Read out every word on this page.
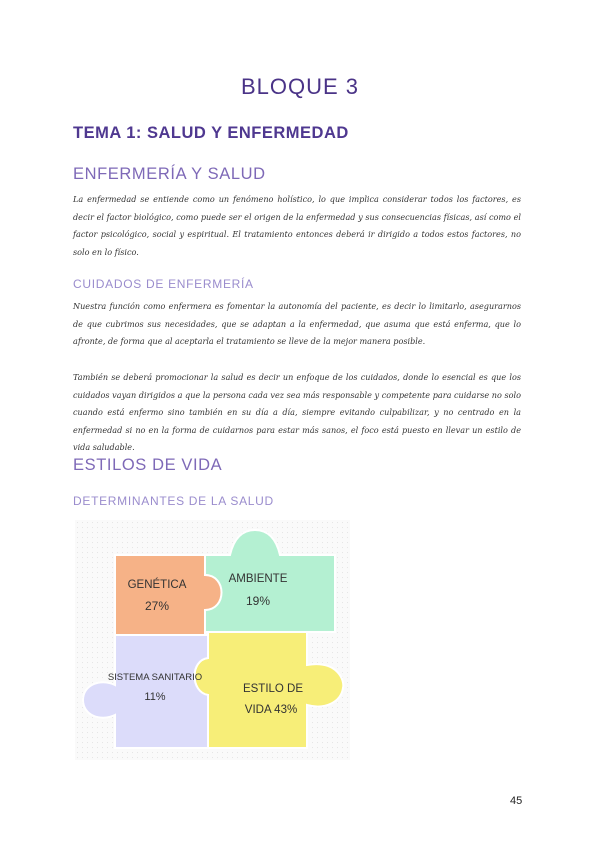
BLOQUE 3
TEMA 1: SALUD Y ENFERMEDAD
ENFERMERÍA Y SALUD
La enfermedad se entiende como un fenómeno holístico, lo que implica considerar todos los factores, es decir el factor biológico, como puede ser el origen de la enfermedad y sus consecuencias físicas, así como el factor psicológico, social y espiritual. El tratamiento entonces deberá ir dirigido a todos estos factores, no solo en lo físico.
CUIDADOS DE ENFERMERÍA
Nuestra función como enfermera es fomentar la autonomía del paciente, es decir lo limitarlo, asegurarnos de que cubrimos sus necesidades, que se adaptan a la enfermedad, que asuma que está enferma, que lo afronte, de forma que al aceptarla el tratamiento se lleve de la mejor manera posible.
También se deberá promocionar la salud es decir un enfoque de los cuidados, donde lo esencial es que los cuidados vayan dirigidos a que la persona cada vez sea más responsable y competente para cuidarse no solo cuando está enfermo sino también en su día a día, siempre evitando culpabilizar, y no centrado en la enfermedad si no en la forma de cuidarnos para estar más sanos, el foco está puesto en llevar un estilo de vida saludable.
ESTILOS DE VIDA
DETERMINANTES DE LA SALUD
GENÉTICA
27%
AMBIENTE
19%
SISTEMA SANITARIO
11%
ESTILO DE
VIDA 43%
45
